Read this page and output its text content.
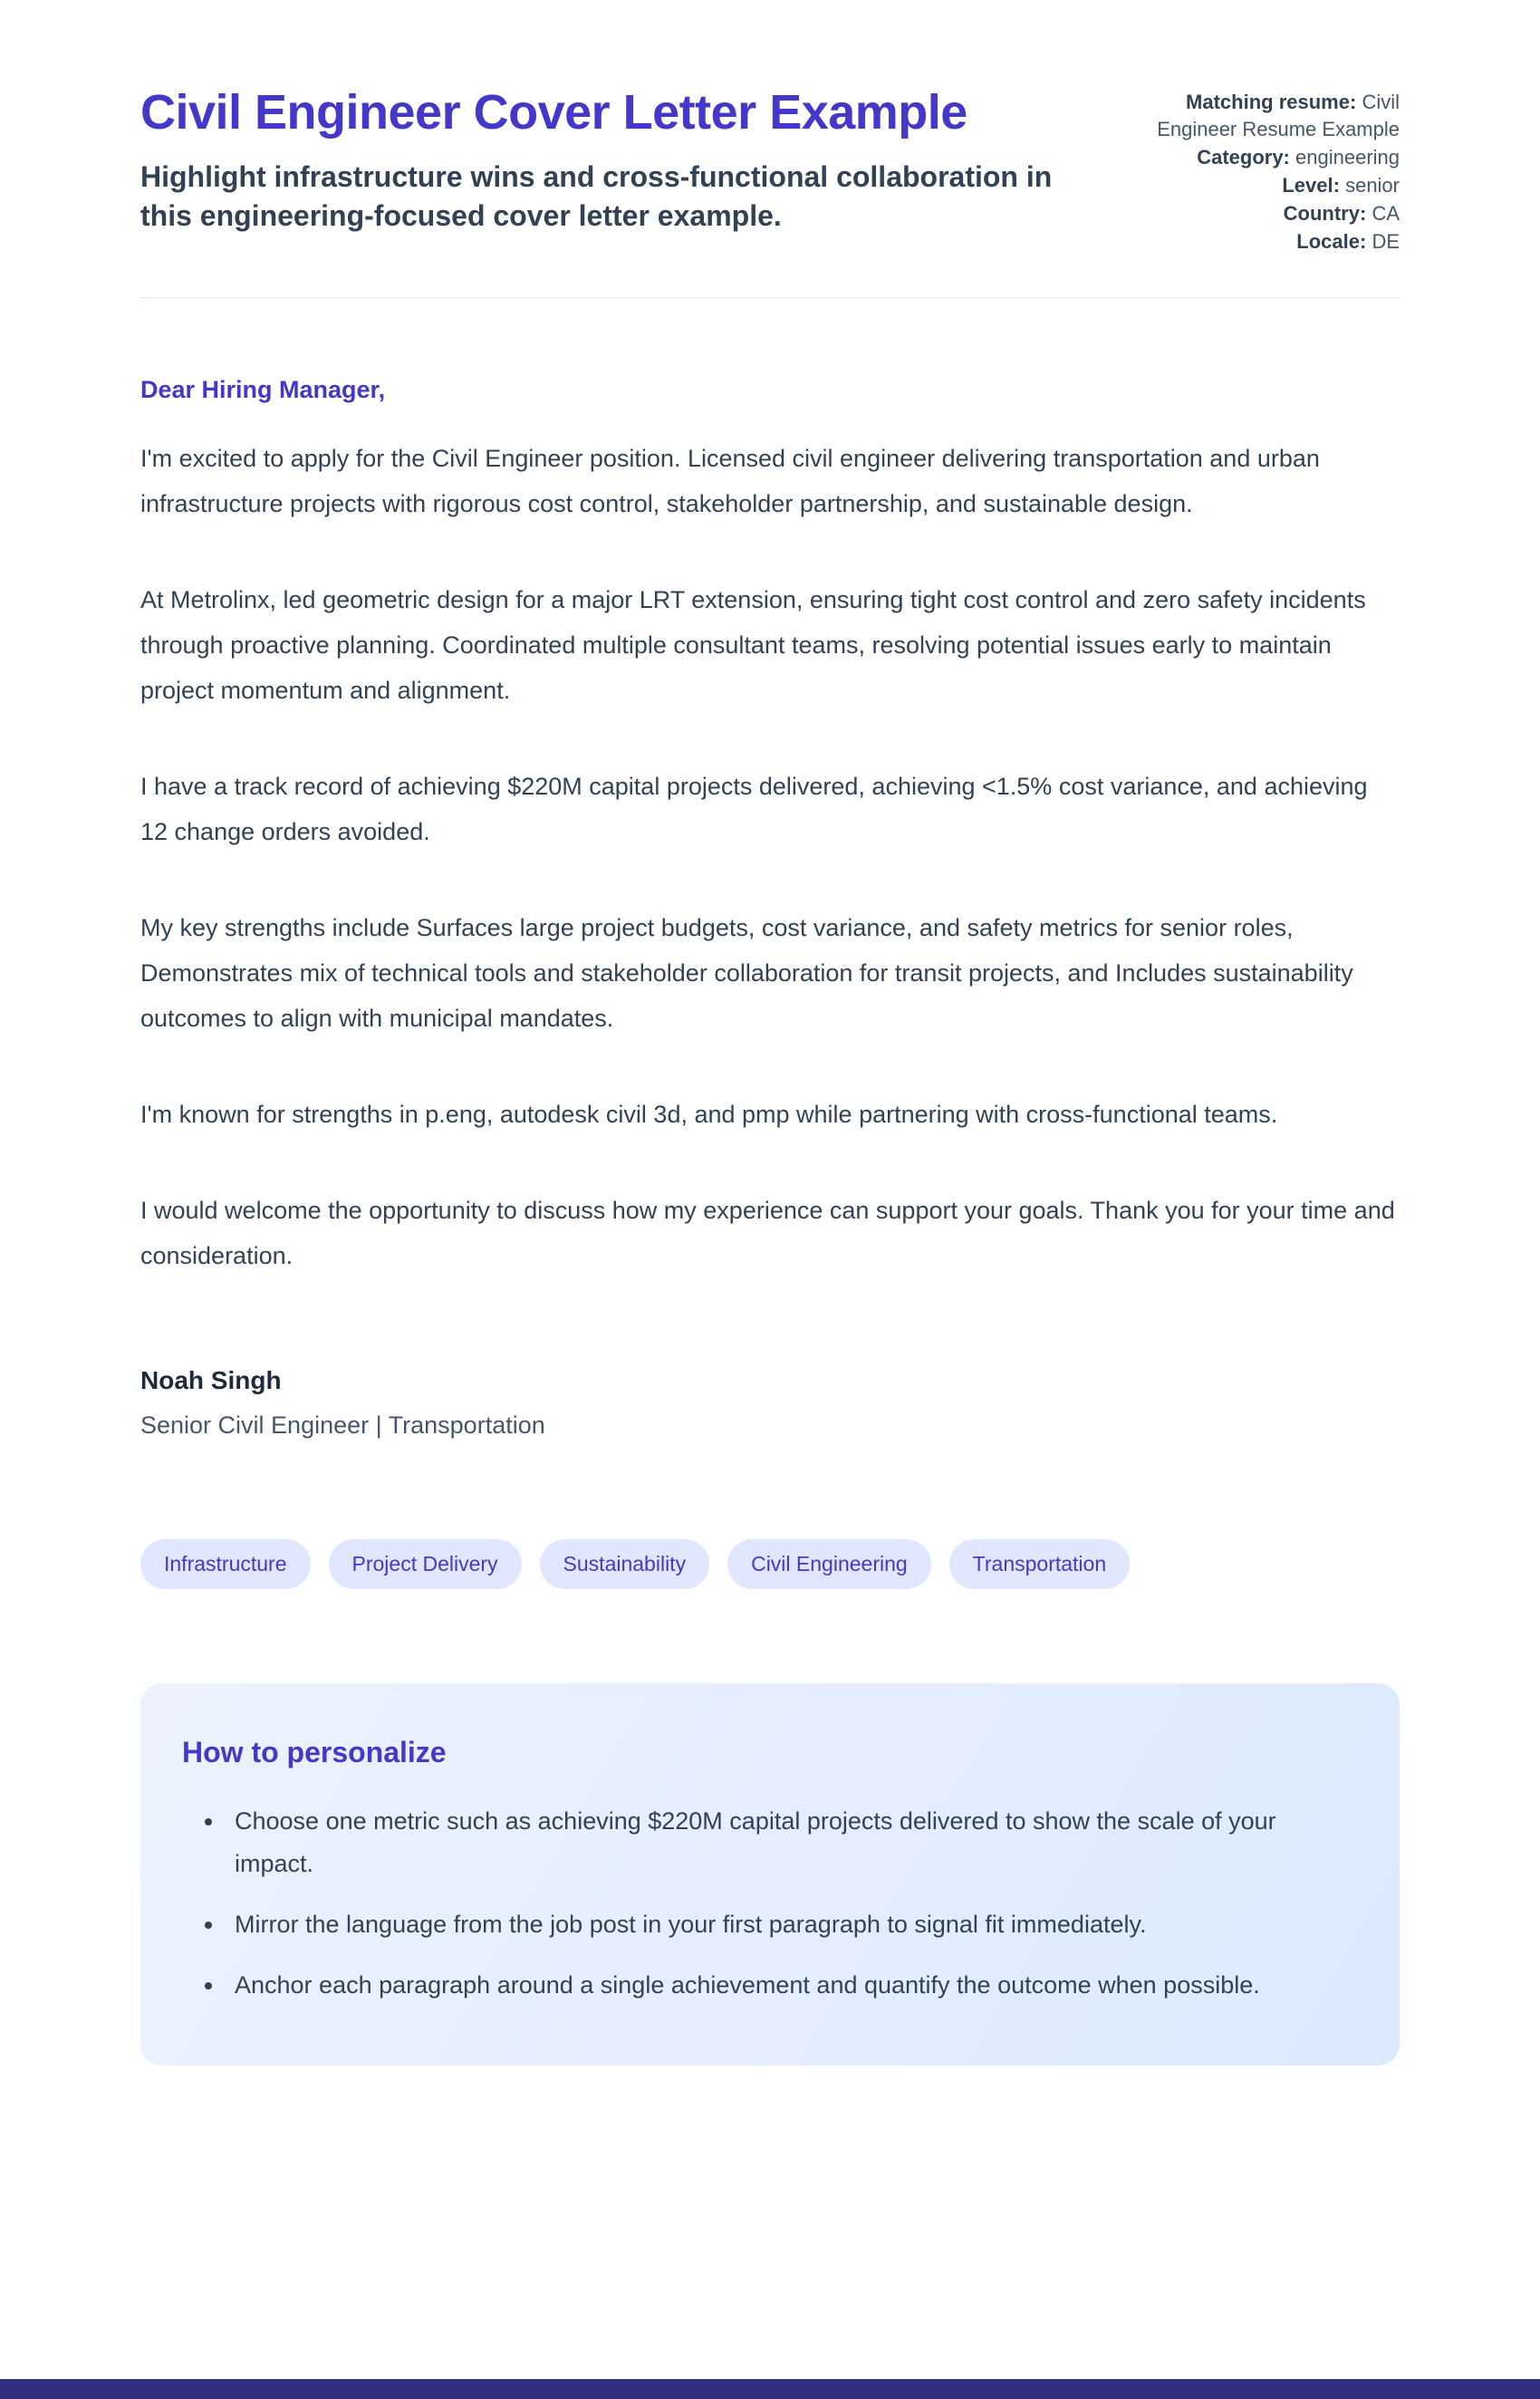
Civil Engineer Cover Letter Example
Highlight infrastructure wins and cross-functional collaboration in this engineering-focused cover letter example.
Matching resume: Civil Engineer Resume Example
Category: engineering
Level: senior
Country: CA
Locale: DE
Dear Hiring Manager,

I'm excited to apply for the Civil Engineer position. Licensed civil engineer delivering transportation and urban infrastructure projects with rigorous cost control, stakeholder partnership, and sustainable design.

At Metrolinx, led geometric design for a major LRT extension, ensuring tight cost control and zero safety incidents through proactive planning. Coordinated multiple consultant teams, resolving potential issues early to maintain project momentum and alignment.

I have a track record of achieving $220M capital projects delivered, achieving <1.5% cost variance, and achieving 12 change orders avoided.

My key strengths include Surfaces large project budgets, cost variance, and safety metrics for senior roles, Demonstrates mix of technical tools and stakeholder collaboration for transit projects, and Includes sustainability outcomes to align with municipal mandates.

I'm known for strengths in p.eng, autodesk civil 3d, and pmp while partnering with cross-functional teams.

I would welcome the opportunity to discuss how my experience can support your goals. Thank you for your time and consideration.

Noah Singh
Senior Civil Engineer | Transportation
Infrastructure	Project Delivery	Sustainability	Civil Engineering	Transportation
How to personalize
• Choose one metric such as achieving $220M capital projects delivered to show the scale of your impact.
• Mirror the language from the job post in your first paragraph to signal fit immediately.
• Anchor each paragraph around a single achievement and quantify the outcome when possible.
